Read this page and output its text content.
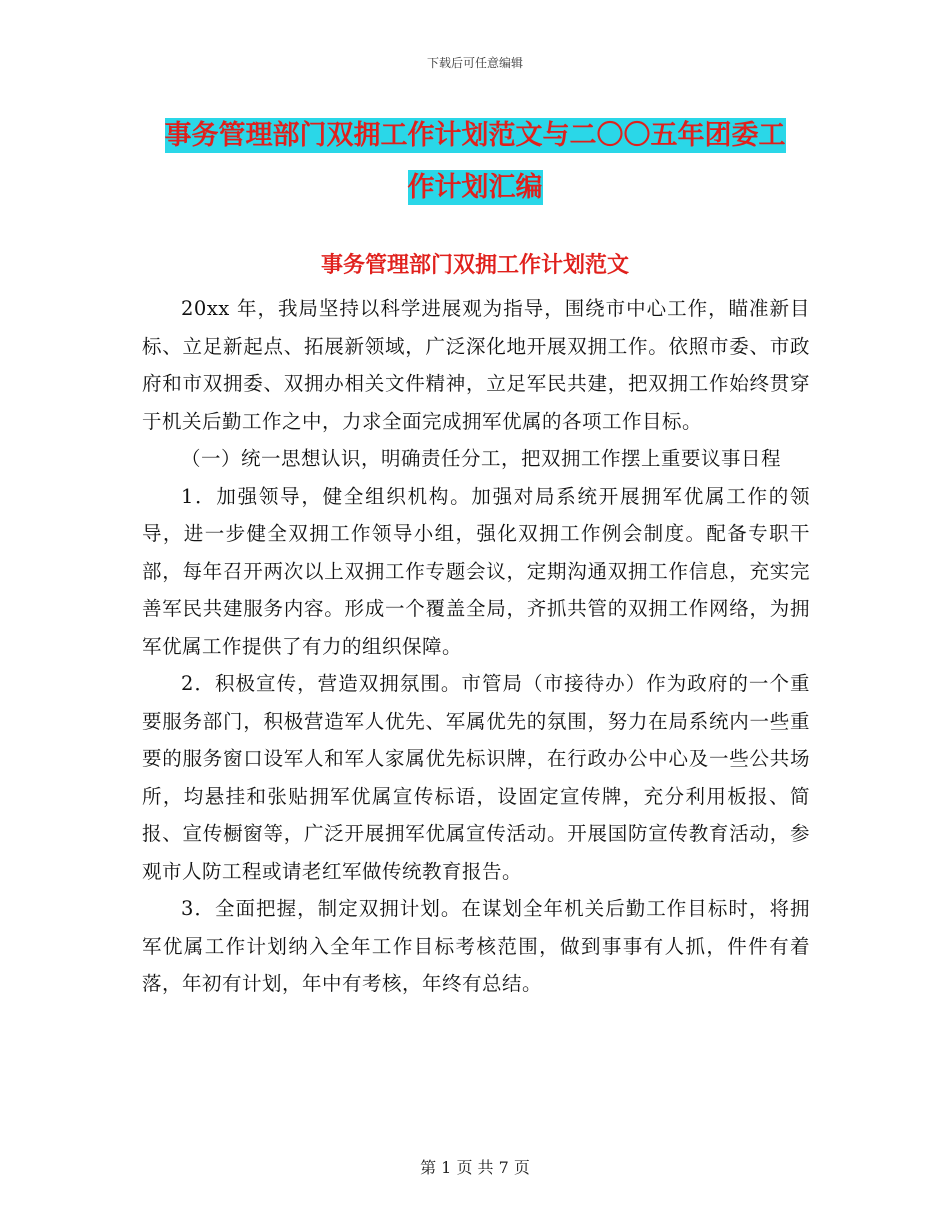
下载后可任意编辑
事务管理部门双拥工作计划范文与二〇〇五年团委工
作计划汇编
事务管理部门双拥工作计划范文

20xx 年，我局坚持以科学进展观为指导，围绕市中心工作，瞄准新目标、立足新起点、拓展新领域，广泛深化地开展双拥工作。依照市委、市政府和市双拥委、双拥办相关文件精神，立足军民共建，把双拥工作始终贯穿于机关后勤工作之中，力求全面完成拥军优属的各项工作目标。

（一）统一思想认识，明确责任分工，把双拥工作摆上重要议事日程

1．加强领导，健全组织机构。加强对局系统开展拥军优属工作的领导，进一步健全双拥工作领导小组，强化双拥工作例会制度。配备专职干部，每年召开两次以上双拥工作专题会议，定期沟通双拥工作信息，充实完善军民共建服务内容。形成一个覆盖全局，齐抓共管的双拥工作网络，为拥军优属工作提供了有力的组织保障。

2．积极宣传，营造双拥氛围。市管局（市接待办）作为政府的一个重要服务部门，积极营造军人优先、军属优先的氛围，努力在局系统内一些重要的服务窗口设军人和军人家属优先标识牌，在行政办公中心及一些公共场所，均悬挂和张贴拥军优属宣传标语，设固定宣传牌，充分利用板报、简报、宣传橱窗等，广泛开展拥军优属宣传活动。开展国防宣传教育活动，参观市人防工程或请老红军做传统教育报告。

3．全面把握，制定双拥计划。在谋划全年机关后勤工作目标时，将拥军优属工作计划纳入全年工作目标考核范围，做到事事有人抓，件件有着落，年初有计划，年中有考核，年终有总结。

第 1 页 共 7 页
